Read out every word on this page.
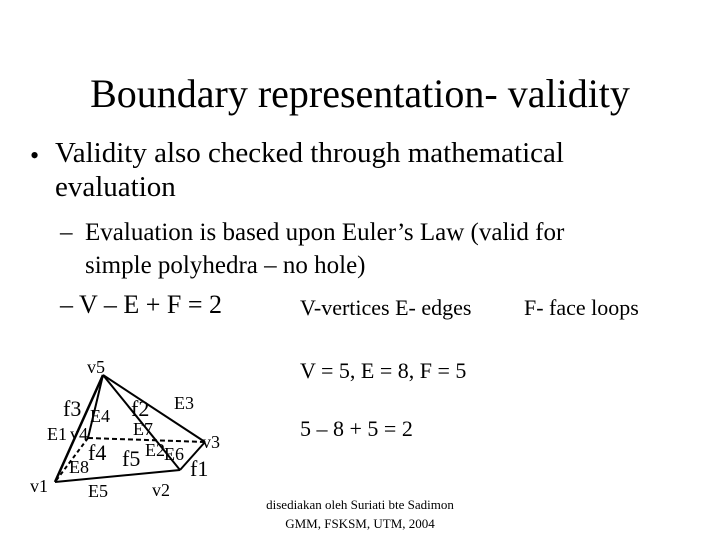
Boundary representation- validity
• Validity also checked through mathematical
evaluation
– Evaluation is based upon Euler’s Law (valid for
simple polyhedra – no hole)
– V – E + F = 2	V-vertices E- edges F- face loops
V = 5, E = 8, F = 5
5 – 8 + 5 = 2
disediakan oleh Suriati bte Sadimon
GMM, FSKSM, UTM, 2004
v5
v1
v4
v2
v3
E1
E4
E3
E7
E2 E6
E8
E5
f3 f2
f4 f5 f1
